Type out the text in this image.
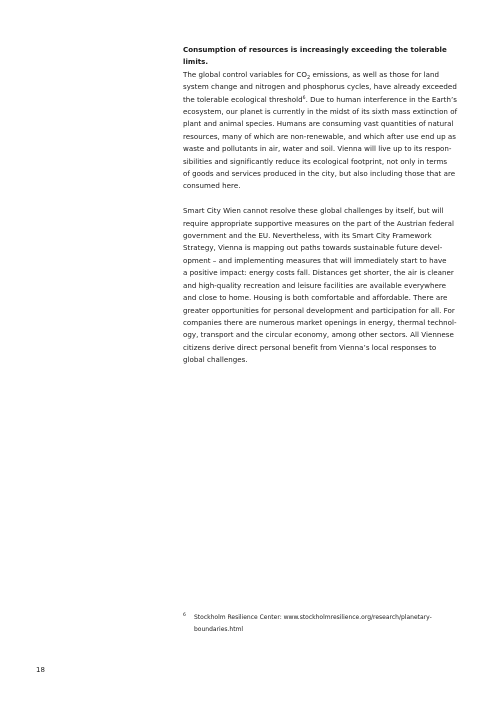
Consumption of resources is increasingly exceeding the tolerable limits.
The global control variables for $CO_2$ emissions, as well as those for land
system change and nitrogen and phosphorus cycles, have already exceeded
the tolerable ecological threshold$^6$. Due to human interference in the Earth’s
ecosystem, our planet is currently in the midst of its sixth mass extinction of
plant and animal species. Humans are consuming vast quantities of natural
resources, many of which are non-renewable, and which after use end up as
waste and pollutants in air, water and soil. Vienna will live up to its respon-
sibilities and significantly reduce its ecological footprint, not only in terms
of goods and services produced in the city, but also including those that are
consumed here.

Smart City Wien cannot resolve these global challenges by itself, but will
require appropriate supportive measures on the part of the Austrian federal
government and the EU. Nevertheless, with its Smart City Framework
Strategy, Vienna is mapping out paths towards sustainable future devel-
opment – and implementing measures that will immediately start to have
a positive impact: energy costs fall. Distances get shorter, the air is cleaner
and high-quality recreation and leisure facilities are available everywhere
and close to home. Housing is both comfortable and affordable. There are
greater opportunities for personal development and participation for all. For
companies there are numerous market openings in energy, thermal technol-
ogy, transport and the circular economy, among other sectors. All Viennese
citizens derive direct personal benefit from Vienna’s local responses to
global challenges.

6 Stockholm Resilience Center: www.stockholmresilience.org/research/planetary-
boundaries.html
18
